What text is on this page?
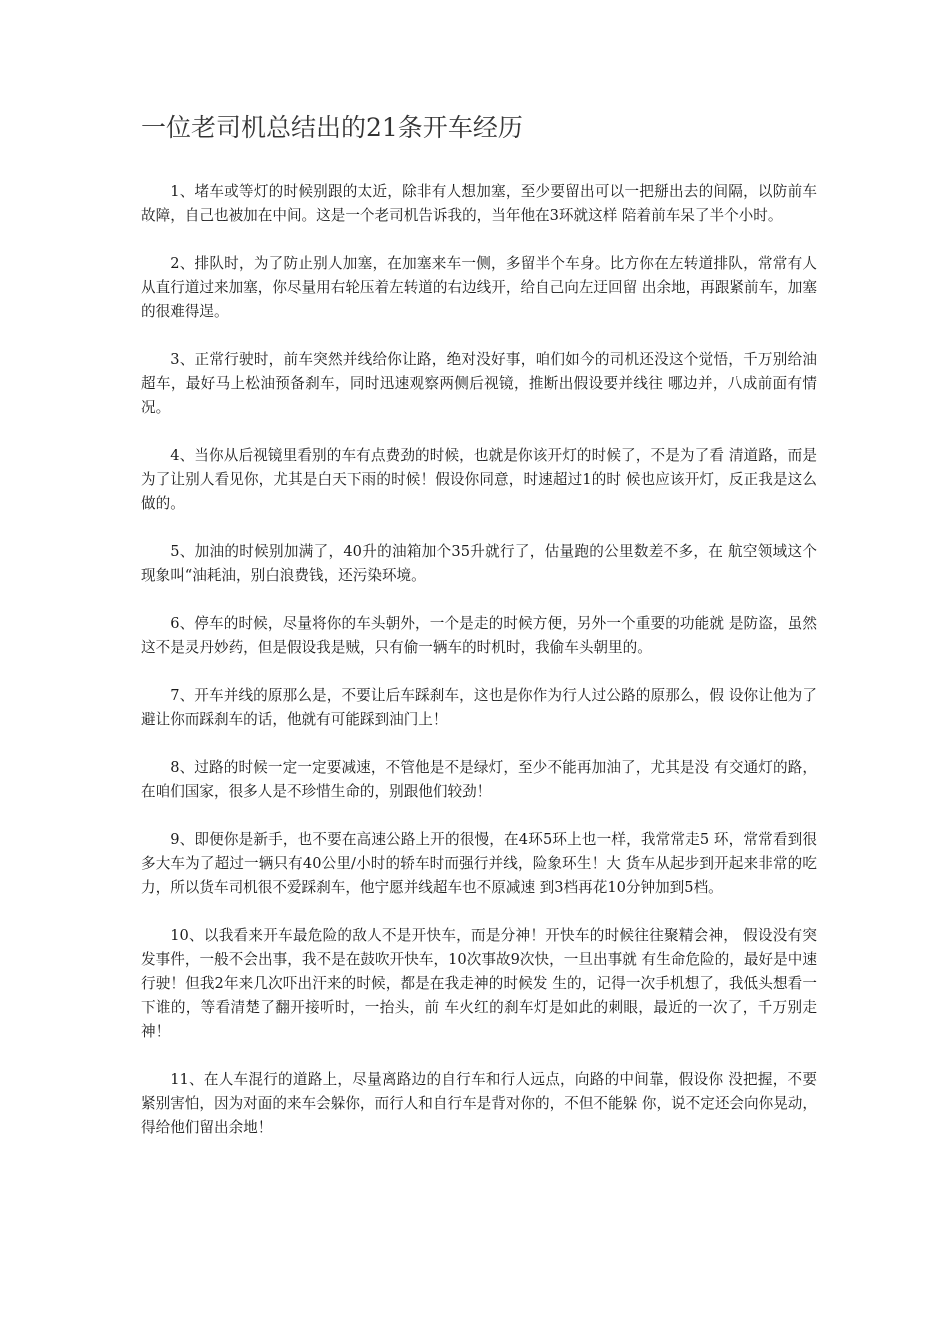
一位老司机总结出的21条开车经历

1、堵车或等灯的时候别跟的太近，除非有人想加塞，至少要留出可以一把掰出去的间隔，以防前车故障，自己也被加在中间。这是一个老司机告诉我的，当年他在3环就这样 陪着前车呆了半个小时。

2、排队时，为了防止别人加塞，在加塞来车一侧，多留半个车身。比方你在左转道排队，常常有人从直行道过来加塞，你尽量用右轮压着左转道的右边线开，给自己向左迂回留 出余地，再跟紧前车，加塞的很难得逞。

3、正常行驶时，前车突然并线给你让路，绝对没好事，咱们如今的司机还没这个觉悟，千万别给油超车，最好马上松油预备刹车，同时迅速观察两侧后视镜，推断出假设要并线往 哪边并，八成前面有情况。

4、当你从后视镜里看别的车有点费劲的时候，也就是你该开灯的时候了，不是为了看 清道路，而是为了让别人看见你，尤其是白天下雨的时候！假设你同意，时速超过1的时 候也应该开灯，反正我是这么做的。

5、加油的时候别加满了，40升的油箱加个35升就行了，估量跑的公里数差不多，在 航空领域这个现象叫“油耗油，别白浪费钱，还污染环境。

6、停车的时候，尽量将你的车头朝外，一个是走的时候方便，另外一个重要的功能就 是防盗，虽然这不是灵丹妙药，但是假设我是贼，只有偷一辆车的时机时，我偷车头朝里的。

7、开车并线的原那么是，不要让后车踩刹车，这也是你作为行人过公路的原那么，假 设你让他为了避让你而踩刹车的话，他就有可能踩到油门上！

8、过路的时候一定一定要减速，不管他是不是绿灯，至少不能再加油了，尤其是没 有交通灯的路，在咱们国家，很多人是不珍惜生命的，别跟他们较劲！

9、即便你是新手，也不要在高速公路上开的很慢，在4环5环上也一样，我常常走5 环，常常看到很多大车为了超过一辆只有40公里/小时的轿车时而强行并线，险象环生！大 货车从起步到开起来非常的吃力，所以货车司机很不爱踩刹车，他宁愿并线超车也不原减速 到3档再花10分钟加到5档。

10、以我看来开车最危险的敌人不是开快车，而是分神！开快车的时候往往聚精会神， 假设没有突发事件，一般不会出事，我不是在鼓吹开快车，10次事故9次快，一旦出事就 有生命危险的，最好是中速行驶！但我2年来几次吓出汗来的时候，都是在我走神的时候发 生的，记得一次手机想了，我低头想看一下谁的，等看清楚了翻开接听时，一抬头，前 车火红的刹车灯是如此的刺眼，最近的一次了，千万别走神！

11、在人车混行的道路上，尽量离路边的自行车和行人远点，向路的中间靠，假设你 没把握，不要紧别害怕，因为对面的来车会躲你，而行人和自行车是背对你的，不但不能躲 你，说不定还会向你晃动，得给他们留出余地！
